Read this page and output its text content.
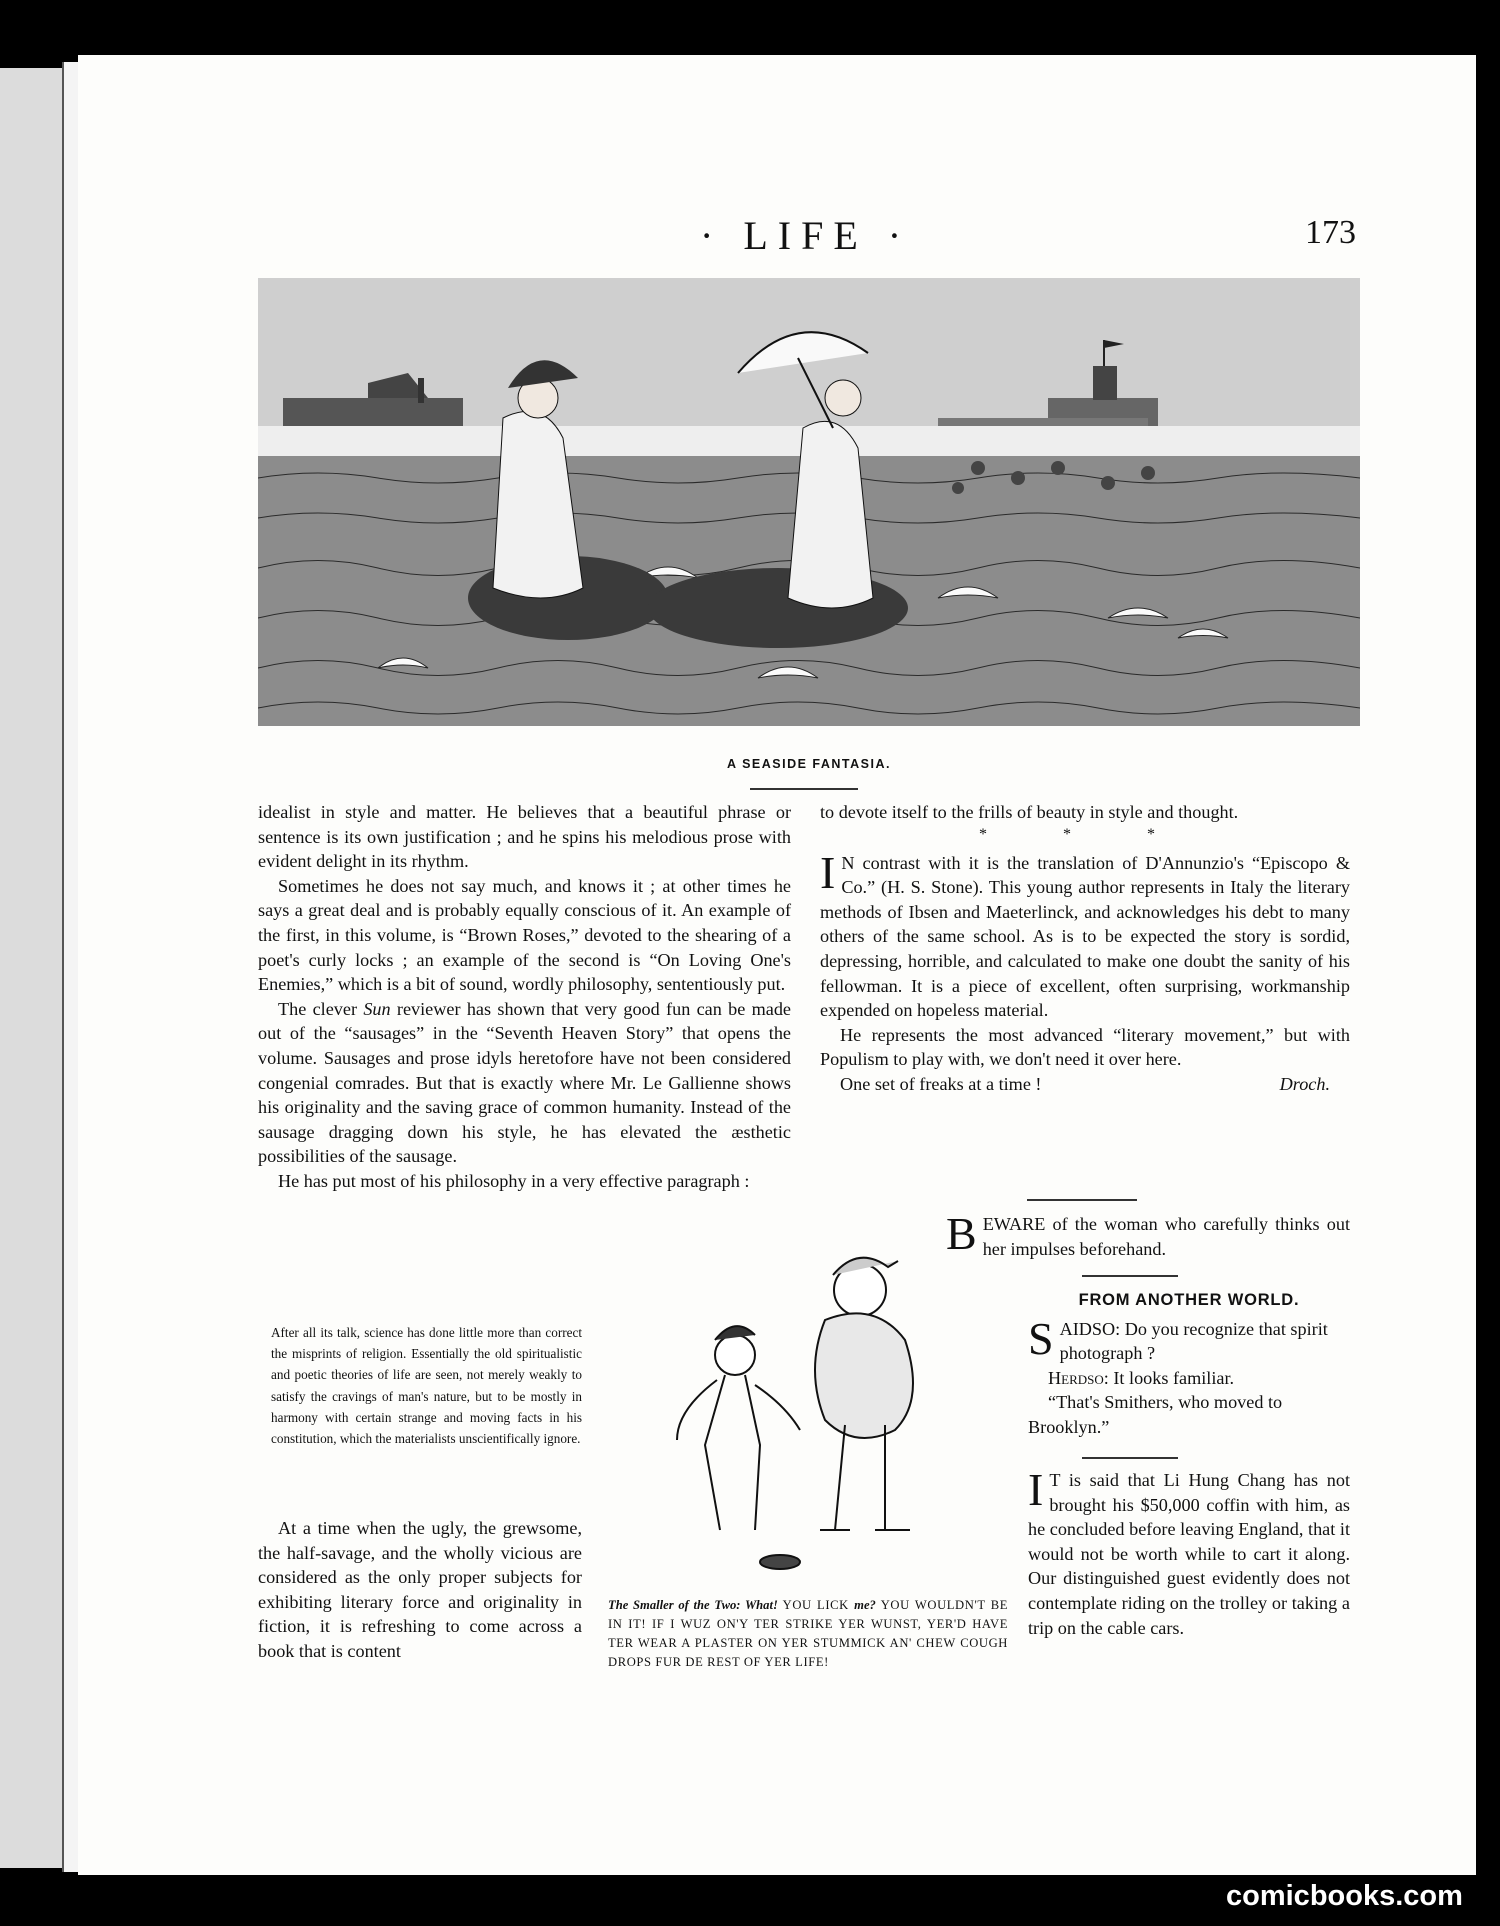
· LIFE ·	173
A SEASIDE FANTASIA.

idealist in style and matter. He believes that a beautiful phrase or sentence is its own justification ; and he spins his melodious prose with evident delight in its rhythm.

Sometimes he does not say much, and knows it ; at other times he says a great deal and is probably equally conscious of it. An example of the first, in this volume, is “Brown Roses,” devoted to the shearing of a poet's curly locks ; an example of the second is “On Loving One's Enemies,” which is a bit of sound, wordly philosophy, sententiously put.

The clever Sun reviewer has shown that very good fun can be made out of the “sausages” in the “Seventh Heaven Story” that opens the volume. Sausages and prose idyls heretofore have not been considered congenial comrades. But that is exactly where Mr. Le Gallienne shows his originality and the saving grace of common humanity. Instead of the sausage dragging down his style, he has elevated the æsthetic possibilities of the sausage.

He has put most of his philosophy in a very effective paragraph :

After all its talk, science has done little more than correct the misprints of religion. Essentially the old spiritualistic and poetic theories of life are seen, not merely weakly to satisfy the cravings of man's nature, but to be mostly in harmony with certain strange and moving facts in his constitution, which the materialists unscientifically ignore.

At a time when the ugly, the grewsome, the half-savage, and the wholly vicious are considered as the only proper subjects for exhibiting literary force and originality in fiction, it is refreshing to come across a book that is content

The Smaller of the Two: What! YOU LICK me? YOU WOULDN'T BE IN IT! IF I WUZ ON'Y TER STRIKE YER WUNST, YER'D HAVE TER WEAR A PLASTER ON YER STUMMICK AN' CHEW COUGH DROPS FUR DE REST OF YER LIFE!

to devote itself to the frills of beauty in style and thought.

* * *

I N contrast with it is the translation of D'Annunzio's “Episcopo & Co.” (H. S. Stone). This young author represents in Italy the literary methods of Ibsen and Maeterlinck, and acknowledges his debt to many others of the same school. As is to be expected the story is sordid, depressing, horrible, and calculated to make one doubt the sanity of his fellowman. It is a piece of excellent, often surprising, workmanship expended on hopeless material.

He represents the most advanced “literary movement,” but with Populism to play with, we don't need it over here.

One set of freaks at a time !	Droch.

BEWARE of the woman who carefully thinks out her impulses beforehand.

FROM ANOTHER WORLD.

SAIDSO: Do you recognize that spirit photograph ?

Herdso: It looks familiar.

“That's Smithers, who moved to Brooklyn.”

I T is said that Li Hung Chang has not brought his $50,000 coffin with him, as he concluded before leaving England, that it would not be worth while to cart it along. Our distinguished guest evidently does not contemplate riding on the trolley or taking a trip on the cable cars.

comicbooks.com
